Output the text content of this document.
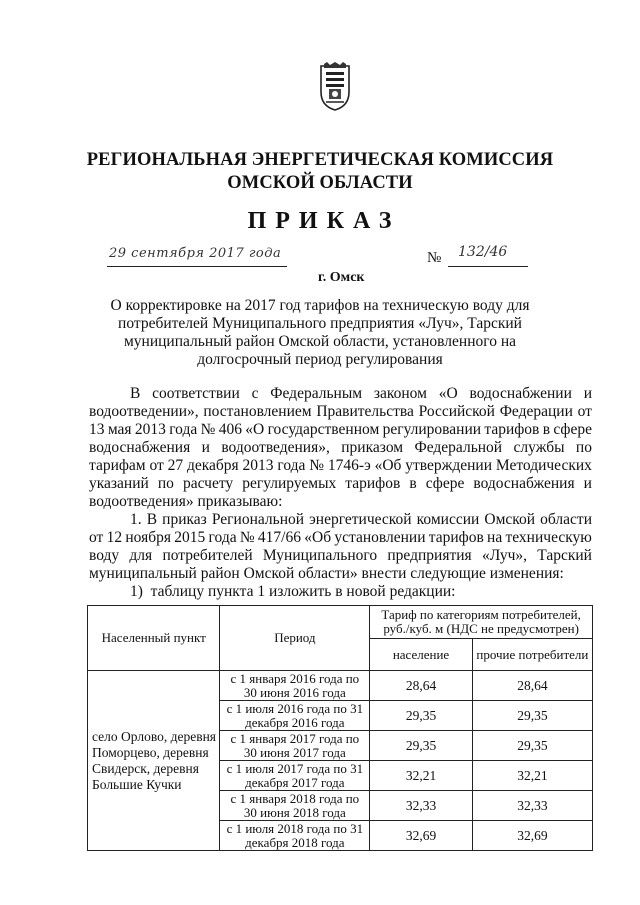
РЕГИОНАЛЬНАЯ ЭНЕРГЕТИЧЕСКАЯ КОМИССИЯ
ОМСКОЙ ОБЛАСТИ
ПРИКАЗ
29 сентября 2017 года	№ 132/46
г. Омск
О корректировке на 2017 год тарифов на техническую воду для
потребителей Муниципального предприятия «Луч», Тарский
муниципальный район Омской области, установленного на
долгосрочный период регулирования
В соответствии с Федеральным законом «О водоснабжении и
водоотведении», постановлением Правительства Российской Федерации от
13 мая 2013 года № 406 «О государственном регулировании тарифов в сфере
водоснабжения и водоотведения», приказом Федеральной службы по
тарифам от 27 декабря 2013 года № 1746-э «Об утверждении Методических
указаний по расчету регулируемых тарифов в сфере водоснабжения и
водоотведения» приказываю:
1. В приказ Региональной энергетической комиссии Омской области
от 12 ноября 2015 года № 417/66 «Об установлении тарифов на техническую
воду для потребителей Муниципального предприятия «Луч», Тарский
муниципальный район Омской области» внести следующие изменения:
1)  таблицу пункта 1 изложить в новой редакции:
Населенный пункт	Период	Тариф по категориям потребителей, руб./куб. м (НДС не предусмотрен)	
		население	прочие потребители
село Орлово, деревня Поморцево, деревня Свидерск, деревня Большие Кучки	с 1 января 2016 года по 30 июня 2016 года	28,64	28,64
	с 1 июля 2016 года по 31 декабря 2016 года	29,35	29,35
	с 1 января 2017 года по 30 июня 2017 года	29,35	29,35
	с 1 июля 2017 года по 31 декабря 2017 года	32,21	32,21
	с 1 января 2018 года по 30 июня 2018 года	32,33	32,33
	с 1 июля 2018 года по 31 декабря 2018 года	32,69	32,69
